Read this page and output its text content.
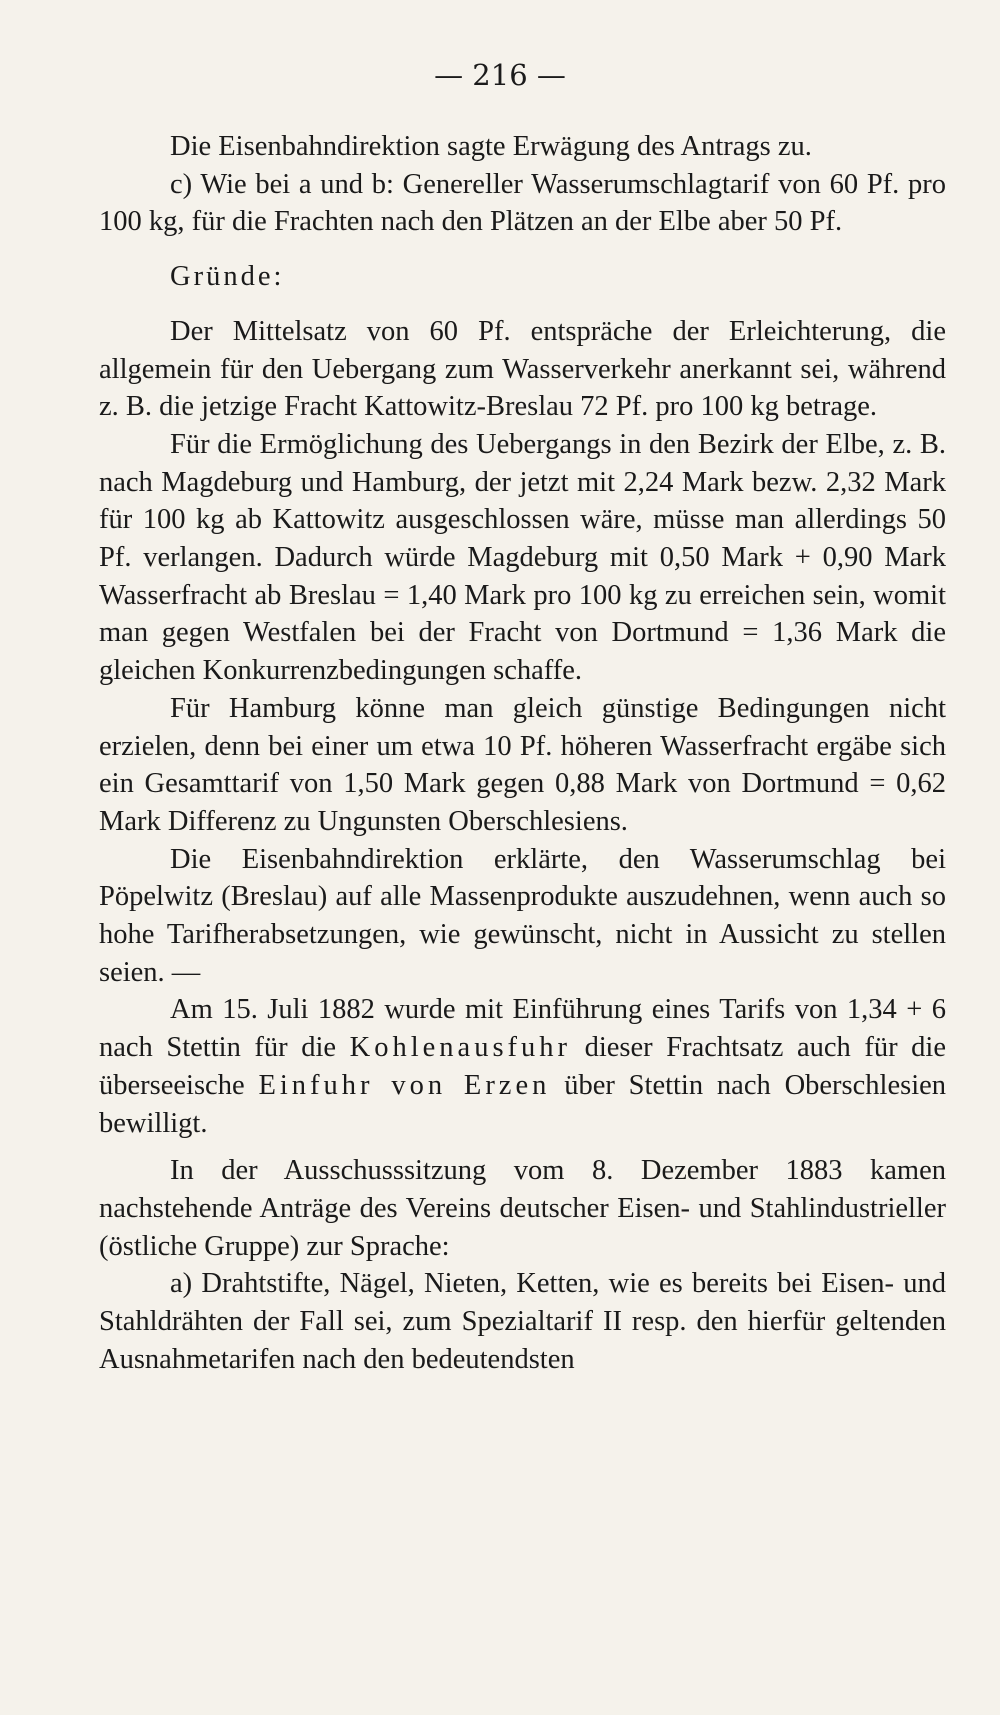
— 216 —

Die Eisenbahndirektion sagte Erwägung des Antrags zu.

c) Wie bei a und b: Genereller Wasserumschlagtarif von 60 Pf. pro 100 kg, für die Frachten nach den Plätzen an der Elbe aber 50 Pf.

Gründe:

Der Mittelsatz von 60 Pf. entspräche der Erleichterung, die allgemein für den Uebergang zum Wasserverkehr anerkannt sei, während z. B. die jetzige Fracht Kattowitz-Breslau 72 Pf. pro 100 kg betrage.

Für die Ermöglichung des Uebergangs in den Bezirk der Elbe, z. B. nach Magdeburg und Hamburg, der jetzt mit 2,24 Mark bezw. 2,32 Mark für 100 kg ab Kattowitz ausgeschlossen wäre, müsse man allerdings 50 Pf. verlangen. Dadurch würde Magdeburg mit 0,50 Mark + 0,90 Mark Wasserfracht ab Breslau = 1,40 Mark pro 100 kg zu erreichen sein, womit man gegen Westfalen bei der Fracht von Dortmund = 1,36 Mark die gleichen Konkurrenzbedingungen schaffe.

Für Hamburg könne man gleich günstige Bedingungen nicht erzielen, denn bei einer um etwa 10 Pf. höheren Wasserfracht ergäbe sich ein Gesamttarif von 1,50 Mark gegen 0,88 Mark von Dortmund = 0,62 Mark Differenz zu Ungunsten Oberschlesiens.

Die Eisenbahndirektion erklärte, den Wasserumschlag bei Pöpelwitz (Breslau) auf alle Massenprodukte auszudehnen, wenn auch so hohe Tarifherabsetzungen, wie gewünscht, nicht in Aussicht zu stellen seien. —

Am 15. Juli 1882 wurde mit Einführung eines Tarifs von 1,34 + 6 nach Stettin für die Kohlenausfuhr dieser Frachtsatz auch für die überseeische Einfuhr von Erzen über Stettin nach Oberschlesien bewilligt.

In der Ausschusssitzung vom 8. Dezember 1883 kamen nachstehende Anträge des Vereins deutscher Eisen- und Stahlindustrieller (östliche Gruppe) zur Sprache:

a) Drahtstifte, Nägel, Nieten, Ketten, wie es bereits bei Eisen- und Stahldrähten der Fall sei, zum Spezialtarif II resp. den hierfür geltenden Ausnahmetarifen nach den bedeutendsten
